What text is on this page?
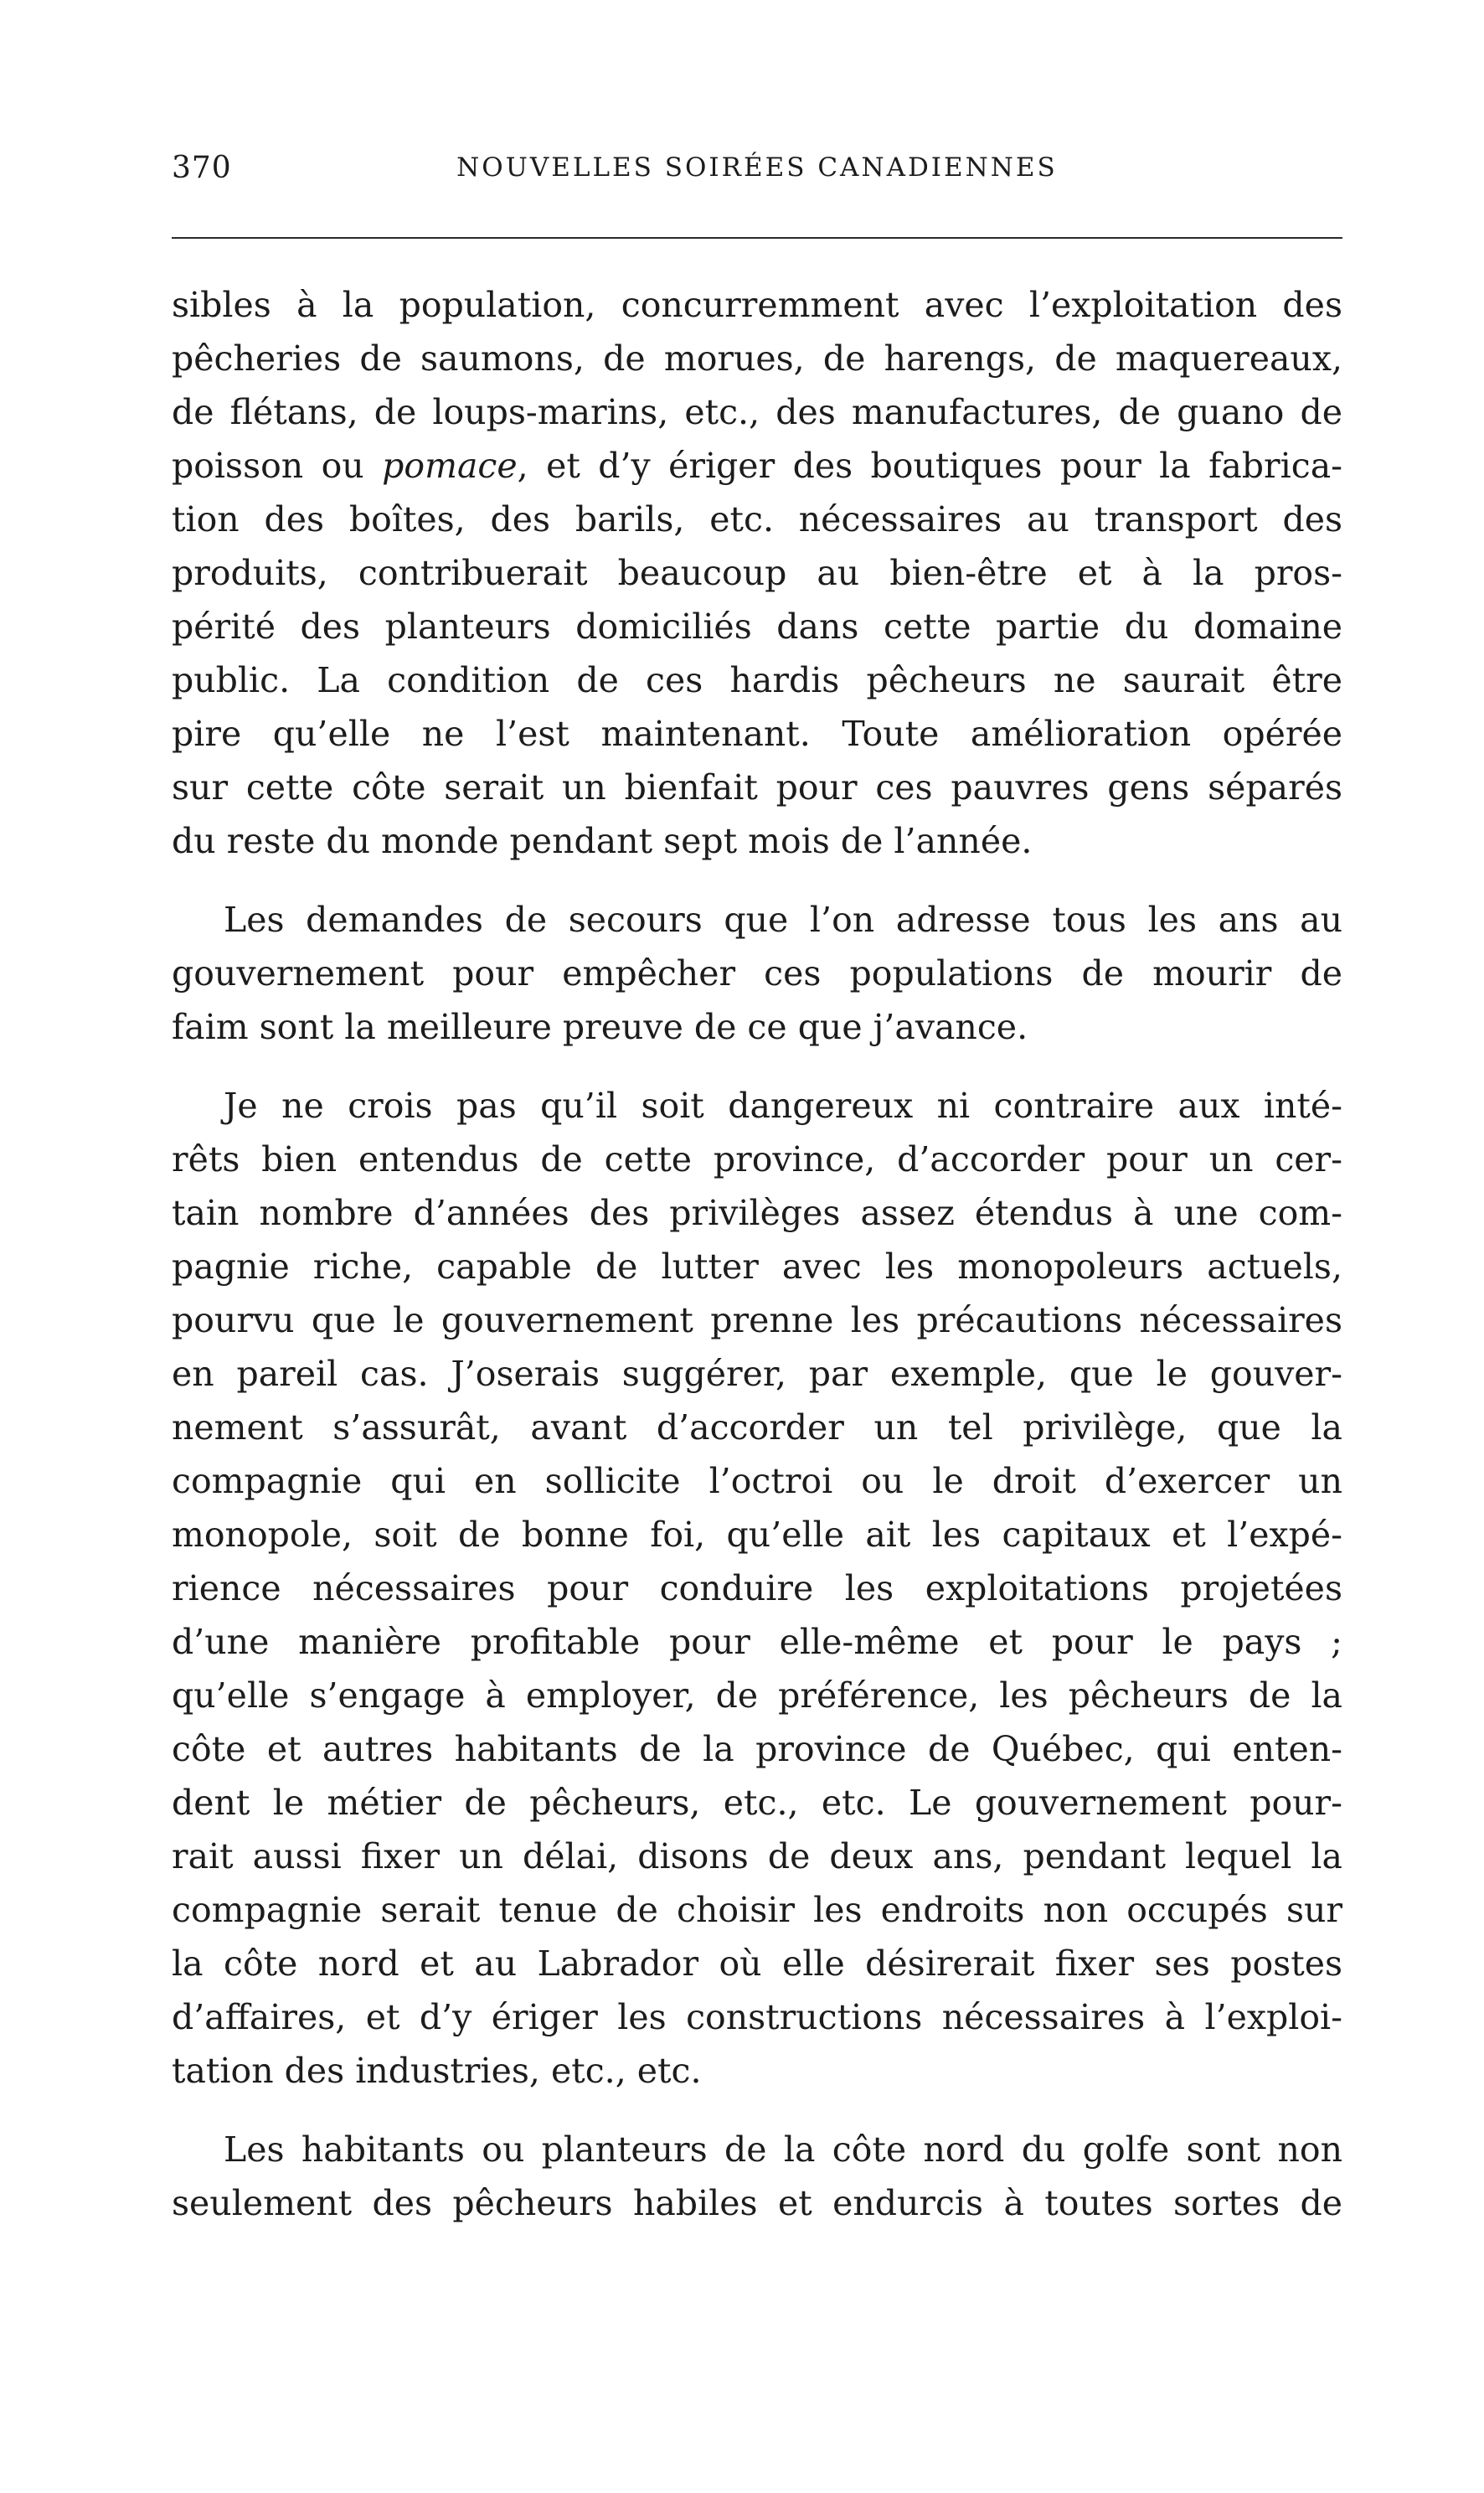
370	NOUVELLES SOIRÉES CANADIENNES
sibles à la population, concurremment avec l’exploitation des
pêcheries de saumons, de morues, de harengs, de maquereaux,
de flétans, de loups-marins, etc., des manufactures, de guano de
poisson ou pomace, et d’y ériger des boutiques pour la fabrica-
tion des boîtes, des barils, etc. nécessaires au transport des
produits, contribuerait beaucoup au bien-être et à la pros-
périté des planteurs domiciliés dans cette partie du domaine
public. La condition de ces hardis pêcheurs ne saurait être
pire qu’elle ne l’est maintenant. Toute amélioration opérée
sur cette côte serait un bienfait pour ces pauvres gens séparés
du reste du monde pendant sept mois de l’année.
Les demandes de secours que l’on adresse tous les ans au
gouvernement pour empêcher ces populations de mourir de
faim sont la meilleure preuve de ce que j’avance.
Je ne crois pas qu’il soit dangereux ni contraire aux inté-
rêts bien entendus de cette province, d’accorder pour un cer-
tain nombre d’années des privilèges assez étendus à une com-
pagnie riche, capable de lutter avec les monopoleurs actuels,
pourvu que le gouvernement prenne les précautions nécessaires
en pareil cas. J’oserais suggérer, par exemple, que le gouver-
nement s’assurât, avant d’accorder un tel privilège, que la
compagnie qui en sollicite l’octroi ou le droit d’exercer un
monopole, soit de bonne foi, qu’elle ait les capitaux et l’expé-
rience nécessaires pour conduire les exploitations projetées
d’une manière profitable pour elle-même et pour le pays ;
qu’elle s’engage à employer, de préférence, les pêcheurs de la
côte et autres habitants de la province de Québec, qui enten-
dent le métier de pêcheurs, etc., etc. Le gouvernement pour-
rait aussi fixer un délai, disons de deux ans, pendant lequel la
compagnie serait tenue de choisir les endroits non occupés sur
la côte nord et au Labrador où elle désirerait fixer ses postes
d’affaires, et d’y ériger les constructions nécessaires à l’exploi-
tation des industries, etc., etc.
Les habitants ou planteurs de la côte nord du golfe sont non
seulement des pêcheurs habiles et endurcis à toutes sortes de
